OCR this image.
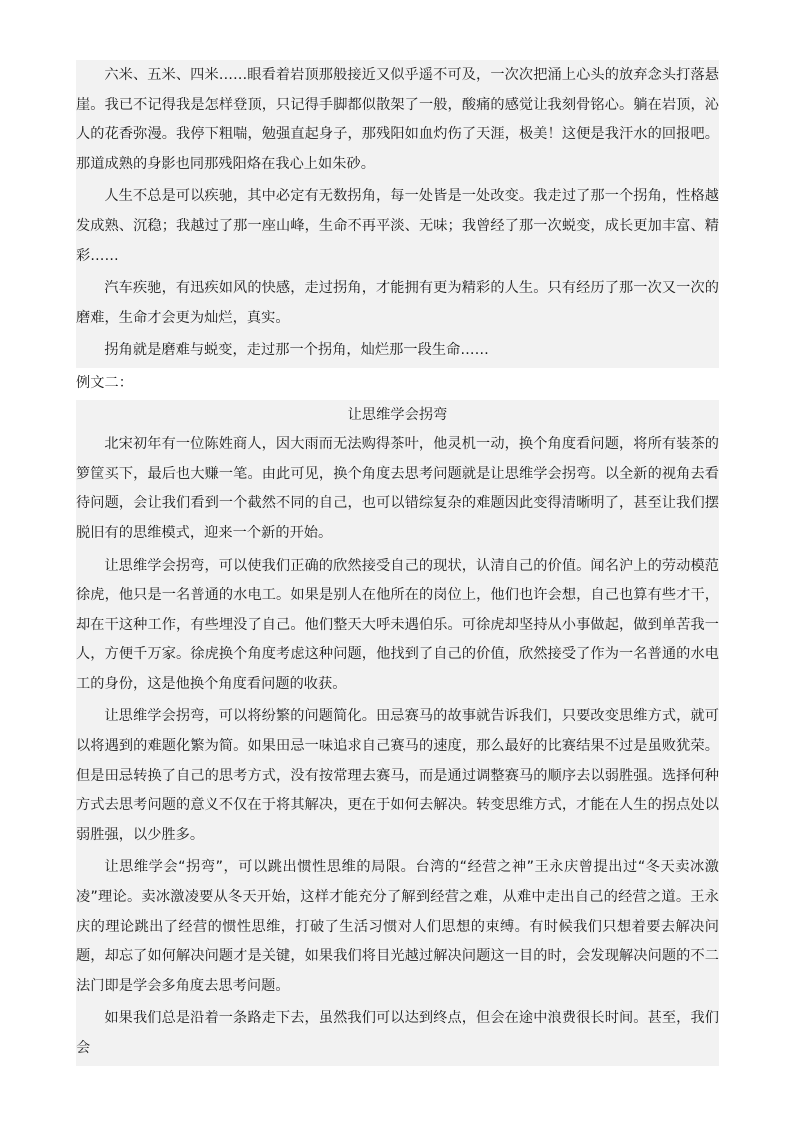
六米、五米、四米……眼看着岩顶那般接近又似乎遥不可及，一次次把涌上心头的放弃念头打落悬崖。我已不记得我是怎样登顶，只记得手脚都似散架了一般，酸痛的感觉让我刻骨铭心。躺在岩顶，沁人的花香弥漫。我停下粗喘，勉强直起身子，那残阳如血灼伤了天涯，极美！这便是我汗水的回报吧。那道成熟的身影也同那残阳烙在我心上如朱砂。

人生不总是可以疾驰，其中必定有无数拐角，每一处皆是一处改变。我走过了那一个拐角，性格越发成熟、沉稳；我越过了那一座山峰，生命不再平淡、无味；我曾经了那一次蜕变，成长更加丰富、精彩……

汽车疾驰，有迅疾如风的快感，走过拐角，才能拥有更为精彩的人生。只有经历了那一次又一次的磨难，生命才会更为灿烂，真实。

拐角就是磨难与蜕变，走过那一个拐角，灿烂那一段生命……

例文二：

让思维学会拐弯

北宋初年有一位陈姓商人，因大雨而无法购得茶叶，他灵机一动，换个角度看问题，将所有装茶的箩筐买下，最后也大赚一笔。由此可见，换个角度去思考问题就是让思维学会拐弯。以全新的视角去看待问题，会让我们看到一个截然不同的自己，也可以错综复杂的难题因此变得清晰明了，甚至让我们摆脱旧有的思维模式，迎来一个新的开始。

让思维学会拐弯，可以使我们正确的欣然接受自己的现状，认清自己的价值。闻名沪上的劳动模范徐虎，他只是一名普通的水电工。如果是别人在他所在的岗位上，他们也许会想，自己也算有些才干，却在干这种工作，有些埋没了自己。他们整天大呼未遇伯乐。可徐虎却坚持从小事做起，做到单苦我一人，方便千万家。徐虎换个角度考虑这种问题，他找到了自己的价值，欣然接受了作为一名普通的水电工的身份，这是他换个角度看问题的收获。

让思维学会拐弯，可以将纷繁的问题简化。田忌赛马的故事就告诉我们，只要改变思维方式，就可以将遇到的难题化繁为简。如果田忌一味追求自己赛马的速度，那么最好的比赛结果不过是虽败犹荣。但是田忌转换了自己的思考方式，没有按常理去赛马，而是通过调整赛马的顺序去以弱胜强。选择何种方式去思考问题的意义不仅在于将其解决，更在于如何去解决。转变思维方式，才能在人生的拐点处以弱胜强，以少胜多。

让思维学会“拐弯”，可以跳出惯性思维的局限。台湾的“经营之神”王永庆曾提出过“冬天卖冰激凌”理论。卖冰激凌要从冬天开始，这样才能充分了解到经营之难，从难中走出自己的经营之道。王永庆的理论跳出了经营的惯性思维，打破了生活习惯对人们思想的束缚。有时候我们只想着要去解决问题，却忘了如何解决问题才是关键，如果我们将目光越过解决问题这一目的时，会发现解决问题的不二法门即是学会多角度去思考问题。

如果我们总是沿着一条路走下去，虽然我们可以达到终点，但会在途中浪费很长时间。甚至，我们会
